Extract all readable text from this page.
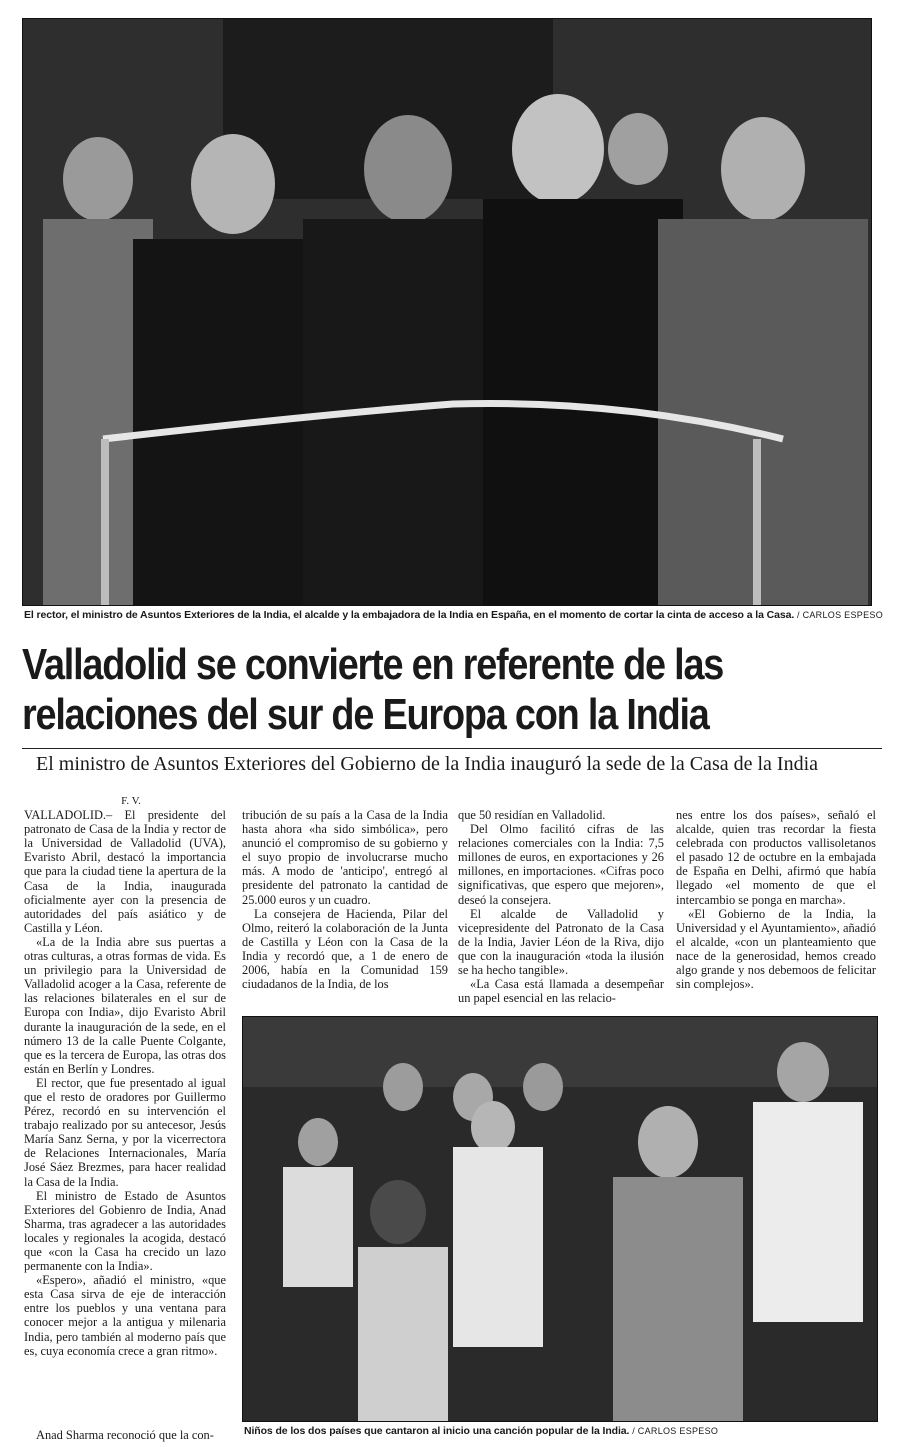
El rector, el ministro de Asuntos Exteriores de la India, el alcalde y la embajadora de la India en España, en el momento de cortar la cinta de acceso a la Casa. / CARLOS ESPESO
Valladolid se convierte en referente de las
relaciones del sur de Europa con la India
El ministro de Asuntos Exteriores del Gobierno de la India inauguró la sede de la Casa de la India

F. V.

VALLADOLID.– El presidente del patronato de Casa de la India y rector de la Universidad de Valladolid (UVA), Evaristo Abril, destacó la importancia que para la ciudad tiene la apertura de la Casa de la India, inaugurada oficialmente ayer con la presencia de autoridades del país asiático y de Castilla y Léon.

«La de la India abre sus puertas a otras culturas, a otras formas de vida. Es un privilegio para la Universidad de Valladolid acoger a la Casa, referente de las relaciones bilaterales en el sur de Europa con India», dijo Evaristo Abril durante la inauguración de la sede, en el número 13 de la calle Puente Colgante, que es la tercera de Europa, las otras dos están en Berlín y Londres.

El rector, que fue presentado al igual que el resto de oradores por Guillermo Pérez, recordó en su intervención el trabajo realizado por su antecesor, Jesús María Sanz Serna, y por la vicerrectora de Relaciones Internacionales, María José Sáez Brezmes, para hacer realidad la Casa de la India.

El ministro de Estado de Asuntos Exteriores del Gobienro de India, Anad Sharma, tras agradecer a las autoridades locales y regionales la acogida, destacó que «con la Casa ha crecido un lazo permanente con la India».

«Espero», añadió el ministro, «que esta Casa sirva de eje de interacción entre los pueblos y una ventana para conocer mejor a la antigua y milenaria India, pero también al moderno país que es, cuya economía crece a gran ritmo».

Anad Sharma reconoció que la con-

tribución de su país a la Casa de la India hasta ahora «ha sido simbólica», pero anunció el compromiso de su gobierno y el suyo propio de involucrarse mucho más. A modo de 'anticipo', entregó al presidente del patronato la cantidad de 25.000 euros y un cuadro.

La consejera de Hacienda, Pilar del Olmo, reiteró la colaboración de la Junta de Castilla y Léon con la Casa de la India y recordó que, a 1 de enero de 2006, había en la Comunidad 159 ciudadanos de la India, de los

que 50 residían en Valladolid.

Del Olmo facilitó cifras de las relaciones comerciales con la India: 7,5 millones de euros, en exportaciones y 26 millones, en importaciones. «Cifras poco significativas, que espero que mejoren», deseó la consejera.

El alcalde de Valladolid y vicepresidente del Patronato de la Casa de la India, Javier Léon de la Riva, dijo que con la inauguración «toda la ilusión se ha hecho tangible».

«La Casa está llamada a desempeñar un papel esencial en las relacio-

nes entre los dos países», señaló el alcalde, quien tras recordar la fiesta celebrada con productos vallisoletanos el pasado 12 de octubre en la embajada de España en Delhi, afirmó que había llegado «el momento de que el intercambio se ponga en marcha».

«El Gobierno de la India, la Universidad y el Ayuntamiento», añadió el alcalde, «con un planteamiento que nace de la generosidad, hemos creado algo grande y nos debemoos de felicitar sin complejos».

Niños de los dos países que cantaron al inicio una canción popular de la India. / CARLOS ESPESO
